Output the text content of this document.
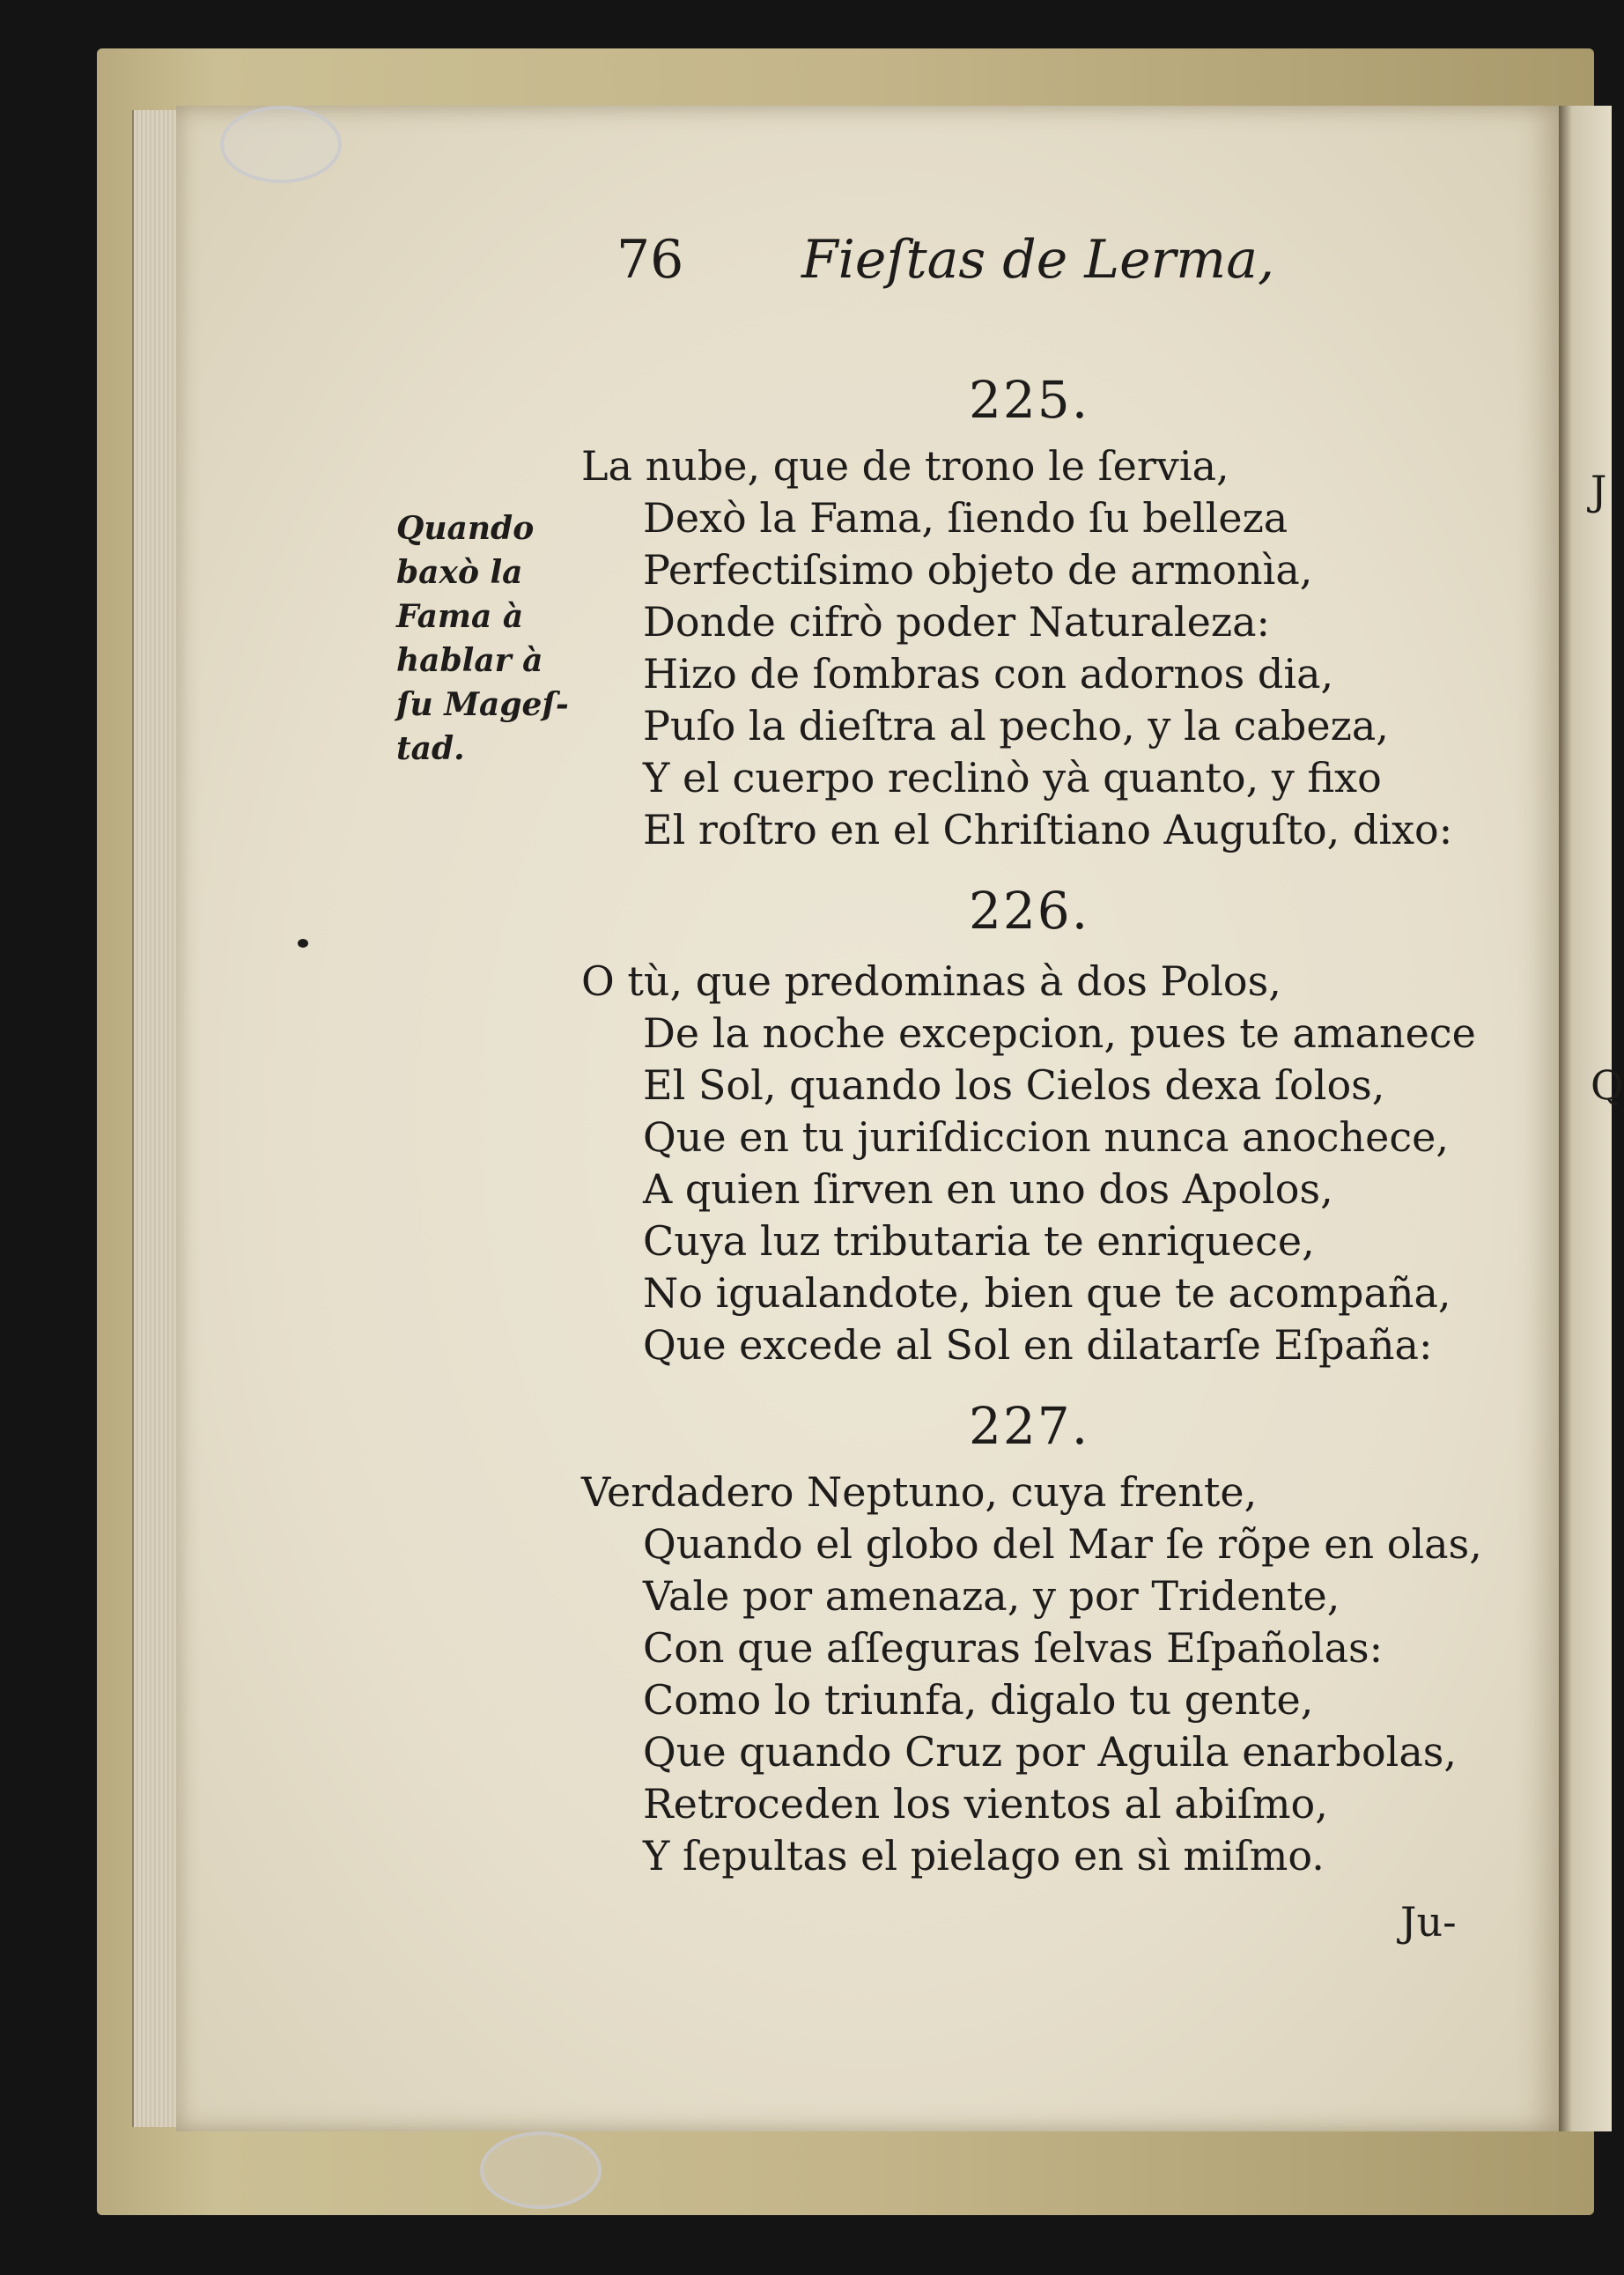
J
Q
76 Fieſtas de Lerma,
Quando
baxò la
Fama à
hablar à
ſu Mageſ-
tad.
225.
La nube, que de trono le ſervia,
Dexò la Fama, ſiendo ſu belleza
Perfectiſsimo objeto de armonìa,
Donde cifrò poder Naturaleza:
Hizo de ſombras con adornos dia,
Puſo la dieſtra al pecho, y la cabeza,
Y el cuerpo reclinò yà quanto, y fixo
El roſtro en el Chriſtiano Auguſto, dixo:
226.
O tù, que predominas à dos Polos,
De la noche excepcion, pues te amanece
El Sol, quando los Cielos dexa ſolos,
Que en tu juriſdiccion nunca anochece,
A quien ſirven en uno dos Apolos,
Cuya luz tributaria te enriquece,
No igualandote, bien que te acompaña,
Que excede al Sol en dilatarſe Eſpaña:
227.
Verdadero Neptuno, cuya frente,
Quando el globo del Mar ſe rõpe en olas,
Vale por amenaza, y por Tridente,
Con que aſſeguras ſelvas Eſpañolas:
Como lo triunfa, digalo tu gente,
Que quando Cruz por Aguila enarbolas,
Retroceden los vientos al abiſmo,
Y ſepultas el pielago en sì miſmo.
Ju-
